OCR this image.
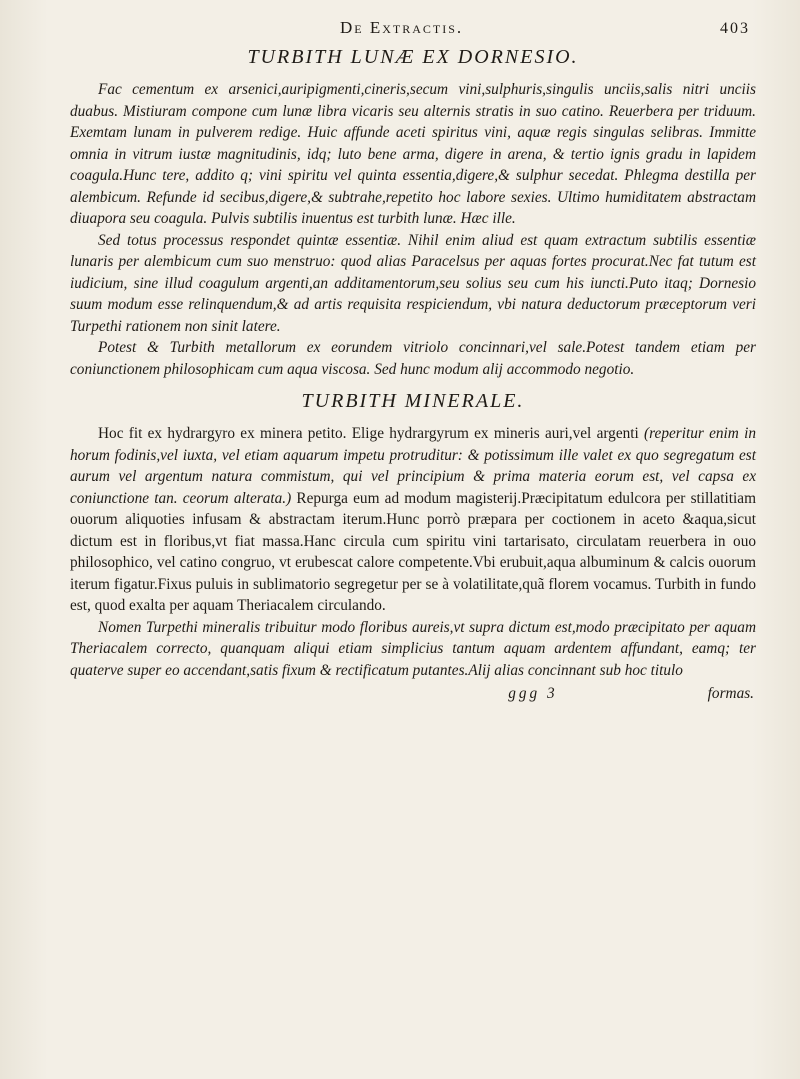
De Extractis.	403
TURBITH LUNÆ EX DORNESIO.

Fac cementum ex arsenici,auripigmenti,cineris,secum vini,sulphuris,singulis unciis,salis nitri unciis duabus. Mistiuram compone cum lunæ libra vicaris seu alternis stratis in suo catino. Reuerbera per triduum. Exemtam lunam in pulverem redige. Huic affunde aceti spiritus vini, aquæ regis singulas selibras. Immitte omnia in vitrum iustæ magnitudinis, idq; luto bene arma, digere in arena, & tertio ignis gradu in lapidem coagula.Hunc tere, addito q; vini spiritu vel quinta essentia,digere,& sulphur secedat. Phlegma destilla per alembicum. Refunde id secibus,digere,& subtrahe,repetito hoc labore sexies. Ultimo humiditatem abstractam diuapora seu coagula. Pulvis subtilis inuentus est turbith lunæ. Hæc ille.

Sed totus processus respondet quintæ essentiæ. Nihil enim aliud est quam extractum subtilis essentiæ lunaris per alembicum cum suo menstruo: quod alias Paracelsus per aquas fortes procurat.Nec fat tutum est iudicium, sine illud coagulum argenti,an additamentorum,seu solius seu cum his iuncti.Puto itaq; Dornesio suum modum esse relinquendum,& ad artis requisita respiciendum, vbi natura deductorum præceptorum veri Turpethi rationem non sinit latere.

Potest & Turbith metallorum ex eorundem vitriolo concinnari,vel sale.Potest tandem etiam per coniunctionem philosophicam cum aqua viscosa. Sed hunc modum alij accommodo negotio.

TURBITH MINERALE.

Hoc fit ex hydrargyro ex minera petito. Elige hydrargyrum ex mineris auri,vel argenti (reperitur enim in horum fodinis,vel iuxta, vel etiam aquarum impetu protruditur: & potissimum ille valet ex quo segregatum est aurum vel argentum natura commistum, qui vel principium & prima materia eorum est, vel capsa ex coniunctione tan. ceorum alterata.) Repurga eum ad modum magisterij.Præcipitatum edulcora per stillatitiam ouorum aliquoties infusam & abstractam iterum.Hunc porrò præpara per coctionem in aceto &aqua,sicut dictum est in floribus,vt fiat massa.Hanc circula cum spiritu vini tartarisato, circulatam reuerbera in ouo philosophico, vel catino congruo, vt erubescat calore competente.Vbi erubuit,aqua albuminum & calcis ouorum iterum figatur.Fixus puluis in sublimatorio segregetur per se à volatilitate,quã florem vocamus. Turbith in fundo est, quod exalta per aquam Theriacalem circulando.

Nomen Turpethi mineralis tribuitur modo floribus aureis,vt supra dictum est,modo præcipitato per aquam Theriacalem correcto, quanquam aliqui etiam simplicius tantum aquam ardentem affundant, eamq; ter quaterve super eo accendant,satis fixum & rectificatum putantes.Alij alias concinnant sub hoc titulo

ggg 3	formas.
